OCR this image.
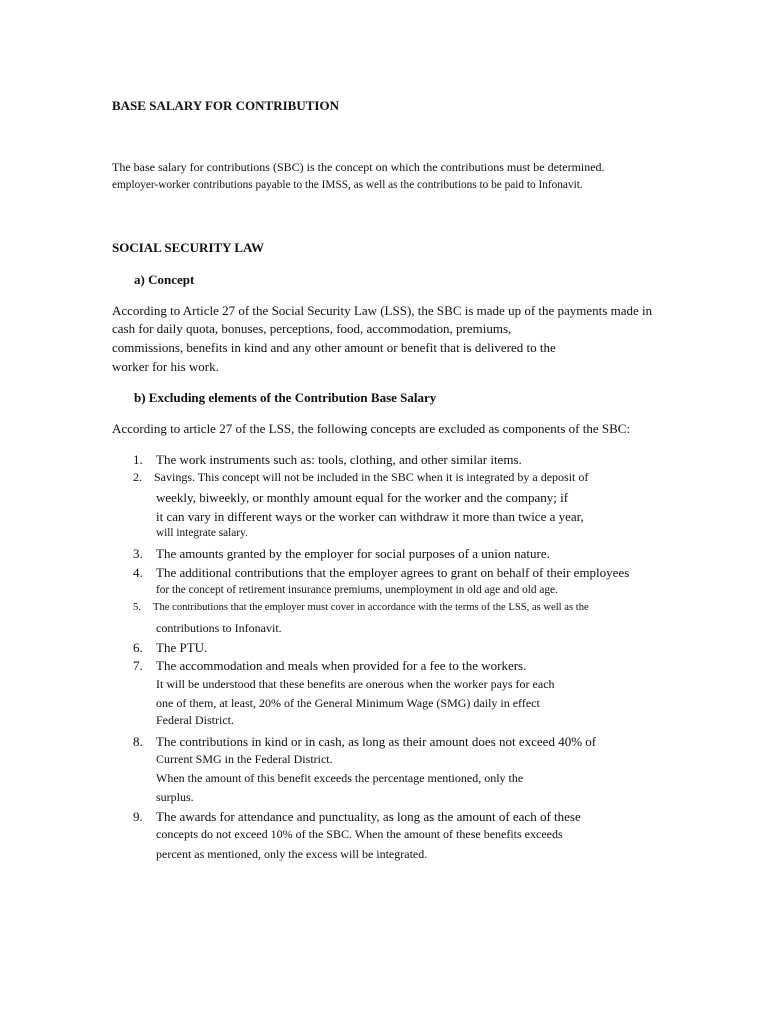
BASE SALARY FOR CONTRIBUTION
The base salary for contributions (SBC) is the concept on which the contributions must be determined.
employer-worker contributions payable to the IMSS, as well as the contributions to be paid to Infonavit.
SOCIAL SECURITY LAW
a) Concept
According to Article 27 of the Social Security Law (LSS), the SBC is made up of the payments made in
cash for daily quota, bonuses, perceptions, food, accommodation, premiums,
commissions, benefits in kind and any other amount or benefit that is delivered to the
worker for his work.
b) Excluding elements of the Contribution Base Salary
According to article 27 of the LSS, the following concepts are excluded as components of the SBC:
1. The work instruments such as: tools, clothing, and other similar items.
2. Savings. This concept will not be included in the SBC when it is integrated by a deposit of
weekly, biweekly, or monthly amount equal for the worker and the company; if
it can vary in different ways or the worker can withdraw it more than twice a year,
will integrate salary.
3. The amounts granted by the employer for social purposes of a union nature.
4. The additional contributions that the employer agrees to grant on behalf of their employees
for the concept of retirement insurance premiums, unemployment in old age and old age.
5. The contributions that the employer must cover in accordance with the terms of the LSS, as well as the
contributions to Infonavit.
6. The PTU.
7. The accommodation and meals when provided for a fee to the workers.
It will be understood that these benefits are onerous when the worker pays for each
one of them, at least, 20% of the General Minimum Wage (SMG) daily in effect
Federal District.
8. The contributions in kind or in cash, as long as their amount does not exceed 40% of
Current SMG in the Federal District.
When the amount of this benefit exceeds the percentage mentioned, only the
surplus.
9. The awards for attendance and punctuality, as long as the amount of each of these
concepts do not exceed 10% of the SBC. When the amount of these benefits exceeds
percent as mentioned, only the excess will be integrated.
